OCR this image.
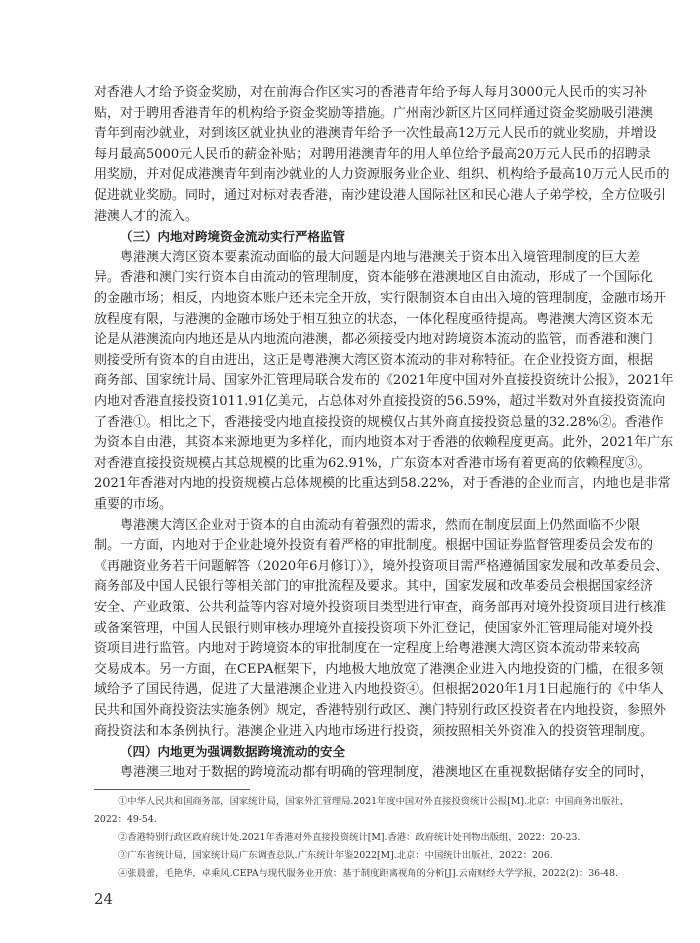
对香港人才给予资金奖励，对在前海合作区实习的香港青年给予每人每月3000元人民币的实习补
贴，对于聘用香港青年的机构给予资金奖励等措施。广州南沙新区片区同样通过资金奖励吸引港澳
青年到南沙就业，对到该区就业执业的港澳青年给予一次性最高12万元人民币的就业奖励，并增设
每月最高5000元人民币的薪金补贴；对聘用港澳青年的用人单位给予最高20万元人民币的招聘录
用奖励，并对促成港澳青年到南沙就业的人力资源服务业企业、组织、机构给予最高10万元人民币的
促进就业奖励。同时，通过对标对表香港，南沙建设港人国际社区和民心港人子弟学校，全方位吸引
港澳人才的流入。
（三）内地对跨境资金流动实行严格监管
粤港澳大湾区资本要素流动面临的最大问题是内地与港澳关于资本出入境管理制度的巨大差
异。香港和澳门实行资本自由流动的管理制度，资本能够在港澳地区自由流动，形成了一个国际化
的金融市场；相反，内地资本账户还未完全开放，实行限制资本自由出入境的管理制度，金融市场开
放程度有限，与港澳的金融市场处于相互独立的状态，一体化程度亟待提高。粤港澳大湾区资本无
论是从港澳流向内地还是从内地流向港澳，都必须接受内地对跨境资本流动的监管，而香港和澳门
则接受所有资本的自由进出，这正是粤港澳大湾区资本流动的非对称特征。在企业投资方面，根据
商务部、国家统计局、国家外汇管理局联合发布的《2021年度中国对外直接投资统计公报》，2021年
内地对香港直接投资1011.91亿美元，占总体对外直接投资的56.59%，超过半数对外直接投资流向
了香港①。相比之下，香港接受内地直接投资的规模仅占其外商直接投资总量的32.28%②。香港作
为资本自由港，其资本来源地更为多样化，而内地资本对于香港的依赖程度更高。此外，2021年广东
对香港直接投资规模占其总规模的比重为62.91%，广东资本对香港市场有着更高的依赖程度③。
2021年香港对内地的投资规模占总体规模的比重达到58.22%，对于香港的企业而言，内地也是非常
重要的市场。
粤港澳大湾区企业对于资本的自由流动有着强烈的需求，然而在制度层面上仍然面临不少限
制。一方面，内地对于企业赴境外投资有着严格的审批制度。根据中国证券监督管理委员会发布的
《再融资业务若干问题解答（2020年6月修订）》，境外投资项目需严格遵循国家发展和改革委员会、
商务部及中国人民银行等相关部门的审批流程及要求。其中，国家发展和改革委员会根据国家经济
安全、产业政策、公共利益等内容对境外投资项目类型进行审查，商务部再对境外投资项目进行核准
或备案管理，中国人民银行则审核办理境外直接投资项下外汇登记，使国家外汇管理局能对境外投
资项目进行监管。内地对于跨境资本的审批制度在一定程度上给粤港澳大湾区资本流动带来较高
交易成本。另一方面，在CEPA框架下，内地极大地放宽了港澳企业进入内地投资的门槛，在很多领
域给予了国民待遇，促进了大量港澳企业进入内地投资④。但根据2020年1月1日起施行的《中华人
民共和国外商投资法实施条例》规定，香港特别行政区、澳门特别行政区投资者在内地投资，参照外
商投资法和本条例执行。港澳企业进入内地市场进行投资，须按照相关外资准入的投资管理制度。
（四）内地更为强调数据跨境流动的安全
粤港澳三地对于数据的跨境流动都有明确的管理制度，港澳地区在重视数据储存安全的同时，
①中华人民共和国商务部，国家统计局，国家外汇管理局.2021年度中国对外直接投资统计公报[M].北京：中国商务出版社，
2022：49-54.
②香港特别行政区政府统计处.2021年香港对外直接投资统计[M].香港：政府统计处刊物出版组，2022：20-23.
③广东省统计局，国家统计局广东调查总队.广东统计年鉴2022[M].北京：中国统计出版社，2022：206.
④张晨蕾，毛艳华，卓乘风.CEPA与现代服务业开放：基于制度距离视角的分析[J].云南财经大学学报，2022(2)：36-48.
24
